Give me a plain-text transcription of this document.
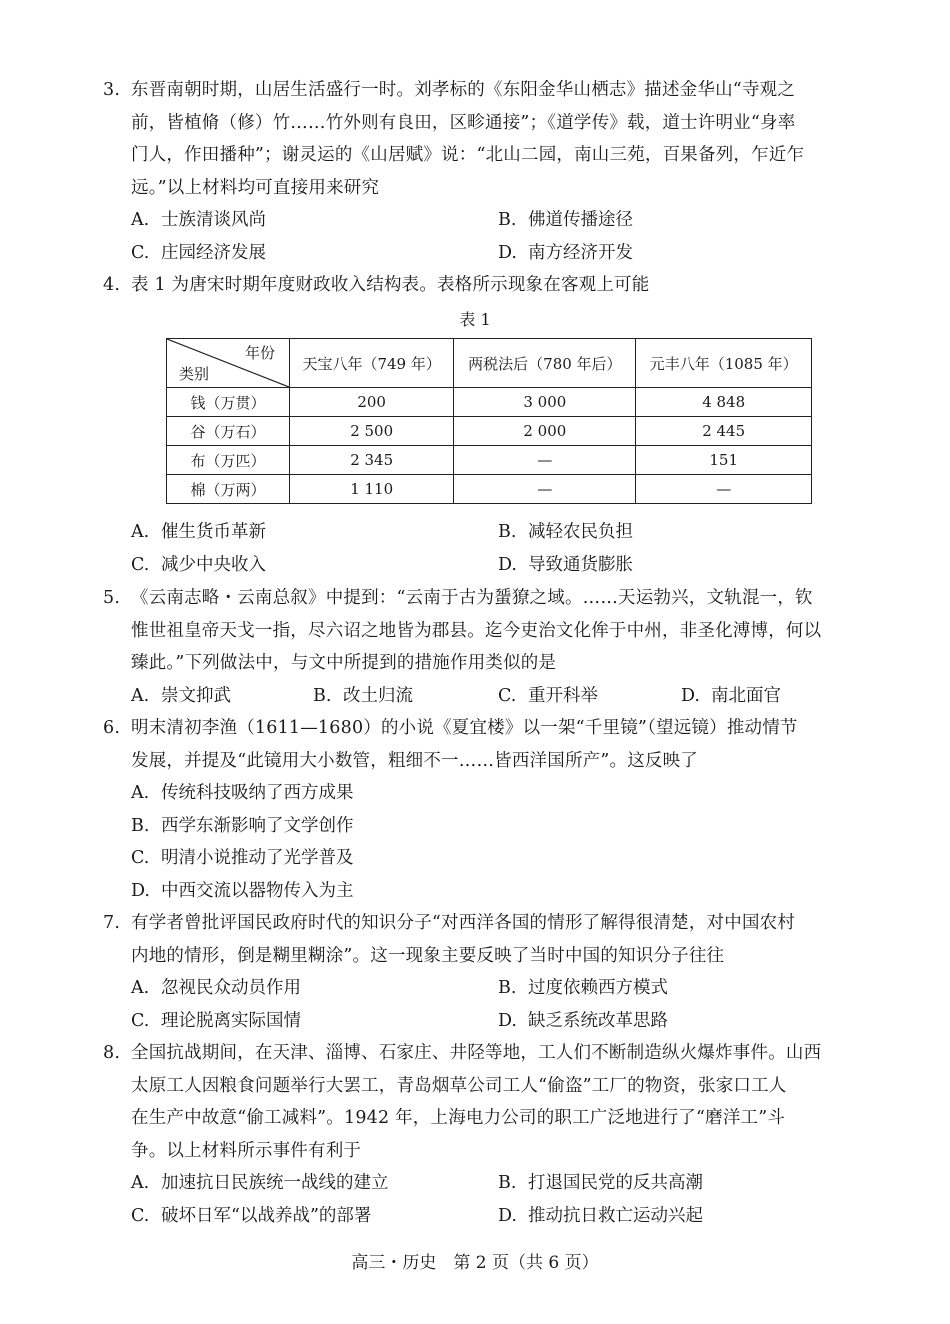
3. 东晋南朝时期，山居生活盛行一时。刘孝标的《东阳金华山栖志》描述金华山“寺观之
前，皆植脩（修）竹……竹外则有良田，区畛通接”；《道学传》载，道士许明业“身率
门人，作田播种”；谢灵运的《山居赋》说：“北山二园，南山三苑，百果备列，乍近乍
远。”以上材料均可直接用来研究
A. 士族清谈风尚	B. 佛道传播途径
C. 庄园经济发展	D. 南方经济开发
4. 表 1 为唐宋时期年度财政收入结构表。表格所示现象在客观上可能
表 1
年份
类别	天宝八年（749 年）	两税法后（780 年后）	元丰八年（1085 年）
钱（万贯）	200	3 000	4 848
谷（万石）	2 500	2 000	2 445
布（万匹）	2 345	—	151
棉（万两）	1 110	—	—
A. 催生货币革新	B. 减轻农民负担
C. 减少中央收入	D. 导致通货膨胀
5. 《云南志略・云南总叙》中提到：“云南于古为蜑獠之域。……天运勃兴，文轨混一，钦
惟世祖皇帝天戈一指，尽六诏之地皆为郡县。迄今吏治文化侔于中州，非圣化溥博，何以
臻此。”下列做法中，与文中所提到的措施作用类似的是
A. 崇文抑武	B. 改土归流	C. 重开科举	D. 南北面官
6. 明末清初李渔（1611—1680）的小说《夏宜楼》以一架“千里镜”（望远镜）推动情节
发展，并提及“此镜用大小数管，粗细不一……皆西洋国所产”。这反映了
A. 传统科技吸纳了西方成果
B. 西学东渐影响了文学创作
C. 明清小说推动了光学普及
D. 中西交流以器物传入为主
7. 有学者曾批评国民政府时代的知识分子“对西洋各国的情形了解得很清楚，对中国农村
内地的情形，倒是糊里糊涂”。这一现象主要反映了当时中国的知识分子往往
A. 忽视民众动员作用	B. 过度依赖西方模式
C. 理论脱离实际国情	D. 缺乏系统改革思路
8. 全国抗战期间，在天津、淄博、石家庄、井陉等地，工人们不断制造纵火爆炸事件。山西
太原工人因粮食问题举行大罢工，青岛烟草公司工人“偷盗”工厂的物资，张家口工人
在生产中故意“偷工减料”。1942 年，上海电力公司的职工广泛地进行了“磨洋工”斗
争。以上材料所示事件有利于
A. 加速抗日民族统一战线的建立	B. 打退国民党的反共高潮
C. 破坏日军“以战养战”的部署	D. 推动抗日救亡运动兴起
高三・历史　第 2 页（共 6 页）
